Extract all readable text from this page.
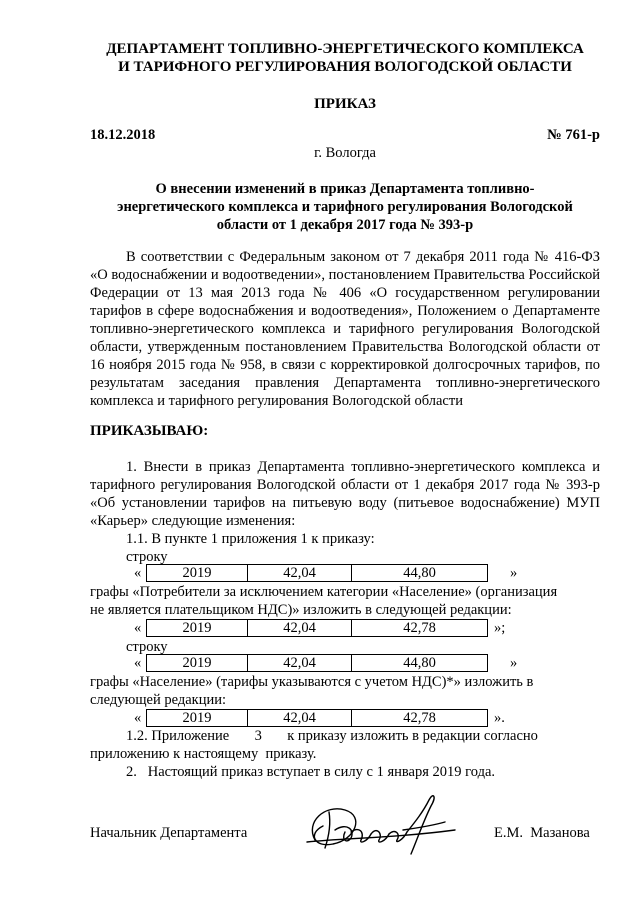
ДЕПАРТАМЕНТ ТОПЛИВНО-ЭНЕРГЕТИЧЕСКОГО КОМПЛЕКСА
И ТАРИФНОГО РЕГУЛИРОВАНИЯ ВОЛОГОДСКОЙ ОБЛАСТИ
ПРИКАЗ
18.12.2018	№ 761-р
г. Вологда
О внесении изменений в приказ Департамента топливно-
энергетического комплекса и тарифного регулирования Вологодской
области от 1 декабря 2017 года № 393-р
В соответствии с Федеральным законом от 7 декабря 2011 года № 416-ФЗ «О водоснабжении и водоотведении», постановлением Правительства Российской Федерации от 13 мая 2013 года № 406 «О государственном регулировании тарифов в сфере водоснабжения и водоотведения», Положением о Департаменте топливно-энергетического комплекса и тарифного регулирования Вологодской области, утвержденным постановлением Правительства Вологодской области от 16 ноября 2015 года № 958, в связи с корректировкой долгосрочных тарифов, по результатам заседания правления Департамента топливно-энергетического комплекса и тарифного регулирования Вологодской области
ПРИКАЗЫВАЮ:
1. Внести в приказ Департамента топливно-энергетического комплекса и тарифного регулирования Вологодской области от 1 декабря 2017 года № 393-р «Об установлении тарифов на питьевую воду (питьевое водоснабжение) МУП «Карьер» следующие изменения:
1.1. В пункте 1 приложения 1 к приказу:
строку
«	2019	42,04	44,80	»
графы «Потребители за исключением категории «Население» (организация
не является плательщиком НДС)» изложить в следующей редакции:
«	2019	42,04	42,78	»;
строку
«	2019	42,04	44,80	»
графы «Население» (тарифы указываются с учетом НДС)*» изложить в
следующей редакции:
«	2019	42,04	42,78	».
1.2. Приложение       3       к приказу изложить в редакции согласно
приложению к настоящему  приказу.
2.   Настоящий приказ вступает в силу с 1 января 2019 года.
Начальник Департамента	Е.М.  Мазанова
